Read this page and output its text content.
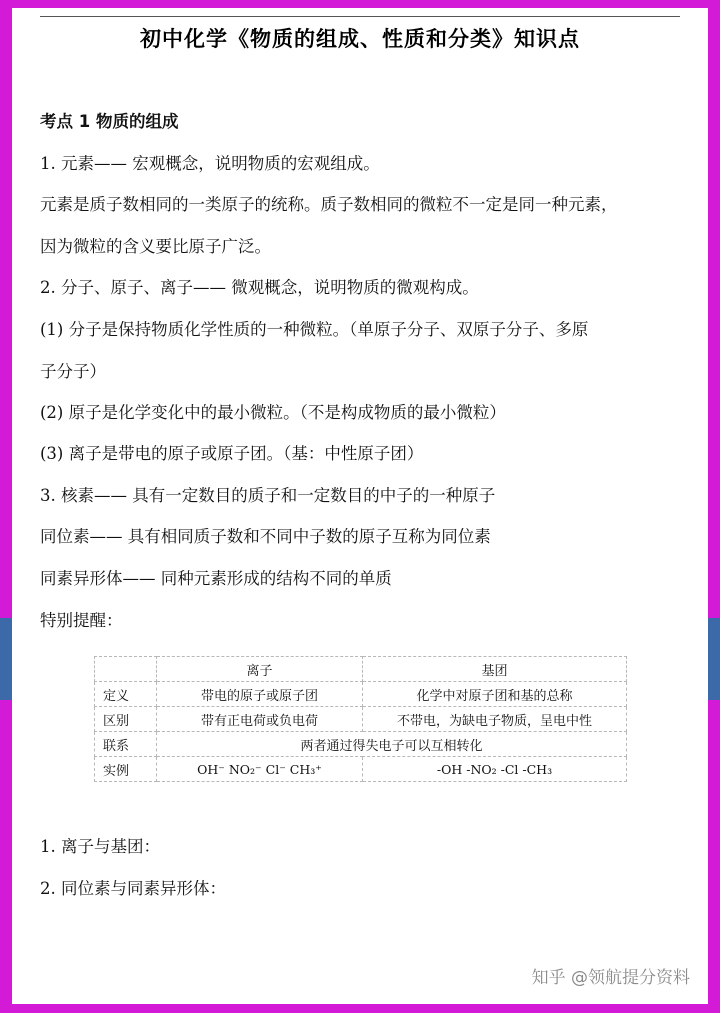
初中化学《物质的组成、性质和分类》知识点
考点 1 物质的组成
1. 元素—— 宏观概念，说明物质的宏观组成。
元素是质子数相同的一类原子的统称。质子数相同的微粒不一定是同一种元素，
因为微粒的含义要比原子广泛。
2. 分子、原子、离子—— 微观概念，说明物质的微观构成。
(1) 分子是保持物质化学性质的一种微粒。（单原子分子、双原子分子、多原
子分子）
(2) 原子是化学变化中的最小微粒。（不是构成物质的最小微粒）
(3) 离子是带电的原子或原子团。（基：中性原子团）
3. 核素—— 具有一定数目的质子和一定数目的中子的一种原子
同位素—— 具有相同质子数和不同中子数的原子互称为同位素
同素异形体—— 同种元素形成的结构不同的单质
特别提醒：
	离子	基团
定义	带电的原子或原子团	化学中对原子团和基的总称
区别	带有正电荷或负电荷	不带电，为缺电子物质，呈电中性
联系	两者通过得失电子可以互相转化	
实例	OH⁻ NO₂⁻ Cl⁻ CH₃⁺	-OH -NO₂ -Cl -CH₃
1. 离子与基团：
2. 同位素与同素异形体：
知乎 @领航提分资料
